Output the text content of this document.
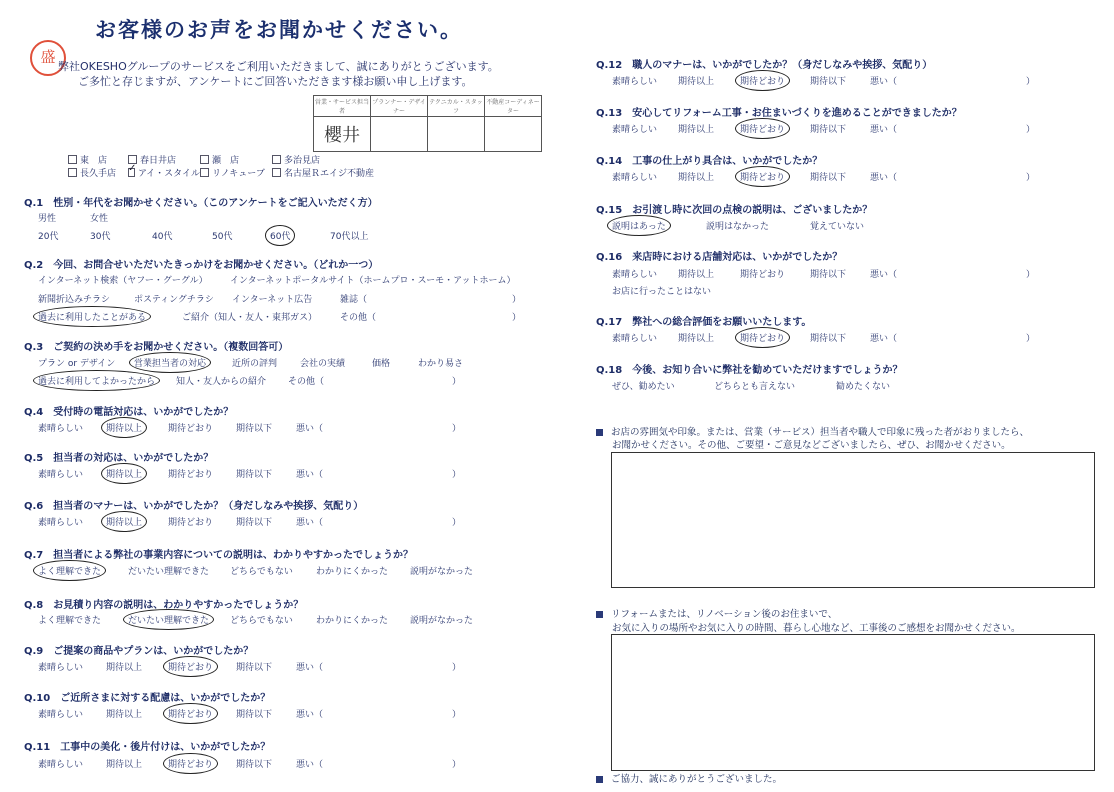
お客様のお声をお聞かせください。
盛
弊社OKESHOグループのサービスをご利用いただきまして、誠にありがとうございます。
ご多忙と存じますが、アンケートにご回答いただきます様お願い申し上げます。
営業・サービス担当者	プランナー・デザイナー	テクニカル・スタッフ	不動産コーディネーター
櫻井			
東　店	春日井店	瀬　店	多治見店
長久手店 ✓ アイ・スタイル リノキューブ 名古屋Ｒエイジ不動産
Q.1　性別・年代をお聞かせください。（このアンケートをご記入いただく方）
男性	女性
20代	30代	40代	50代	60代	70代以上
Q.2　今回、お問合せいただいたきっかけをお聞かせください。（どれか一つ）
インターネット検索（ヤフー・グーグル） インターネットポータルサイト（ホームプロ・スーモ・アットホーム）
新聞折込みチラシ	ポスティングチラシ インターネット広告	雑誌（	）
過去に利用したことがある	ご紹介（知人・友人・東邦ガス）	その他（	）
Q.3　ご契約の決め手をお聞かせください。（複数回答可）
プラン or デザイン 営業担当者の対応	近所の評判	会社の実績	価格	わかり易さ
過去に利用してよかったから 知人・友人からの紹介 その他（	）
Q.4　受付時の電話対応は、いかがでしたか？
素晴らしい	期待以上	期待どおり	期待以下	悪い（	）
Q.5　担当者の対応は、いかがでしたか？
素晴らしい	期待以上	期待どおり	期待以下	悪い（	）
Q.6　担当者のマナーは、いかがでしたか？（身だしなみや挨拶、気配り）
素晴らしい	期待以上	期待どおり	期待以下	悪い（	）
Q.7　担当者による弊社の事業内容についての説明は、わかりやすかったでしょうか？
よく理解できた	だいたい理解できた どちらでもない	わかりにくかった 説明がなかった
Q.8　お見積り内容の説明は、わかりやすかったでしょうか？
よく理解できた	だいたい理解できた どちらでもない	わかりにくかった 説明がなかった
Q.9　ご提案の商品やプランは、いかがでしたか？
素晴らしい	期待以上	期待どおり	期待以下	悪い（	）
Q.10　ご近所さまに対する配慮は、いかがでしたか？
素晴らしい	期待以上	期待どおり	期待以下	悪い（	）
Q.11　工事中の美化・後片付けは、いかがでしたか？
素晴らしい	期待以上	期待どおり	期待以下	悪い（	）
Q.12　職人のマナーは、いかがでしたか？（身だしなみや挨拶、気配り）
素晴らしい 期待以上	期待どおり	期待以下	悪い（	）
Q.13　安心してリフォーム工事・お住まいづくりを進めることができましたか？
素晴らしい 期待以上	期待どおり	期待以下	悪い（	）
Q.14　工事の仕上がり具合は、いかがでしたか？
素晴らしい 期待以上	期待どおり	期待以下	悪い（	）
Q.15　お引渡し時に次回の点検の説明は、ございましたか？
説明はあった	説明はなかった	覚えていない
Q.16　来店時における店舗対応は、いかがでしたか？
素晴らしい 期待以上	期待どおり	期待以下	悪い（	）
お店に行ったことはない
Q.17　弊社への総合評価をお願いいたします。
素晴らしい 期待以上	期待どおり	期待以下	悪い（	）
Q.18　今後、お知り合いに弊社を勧めていただけますでしょうか？
ぜひ、勧めたい	どちらとも言えない	勧めたくない
お店の雰囲気や印象。または、営業（サービス）担当者や職人で印象に残った者がおりましたら、
お聞かせください。その他、ご要望・ご意見などございましたら、ぜひ、お聞かせください。
リフォームまたは、リノベーション後のお住まいで、
お気に入りの場所やお気に入りの時間、暮らし心地など、工事後のご感想をお聞かせください。
ご協力、誠にありがとうございました。
